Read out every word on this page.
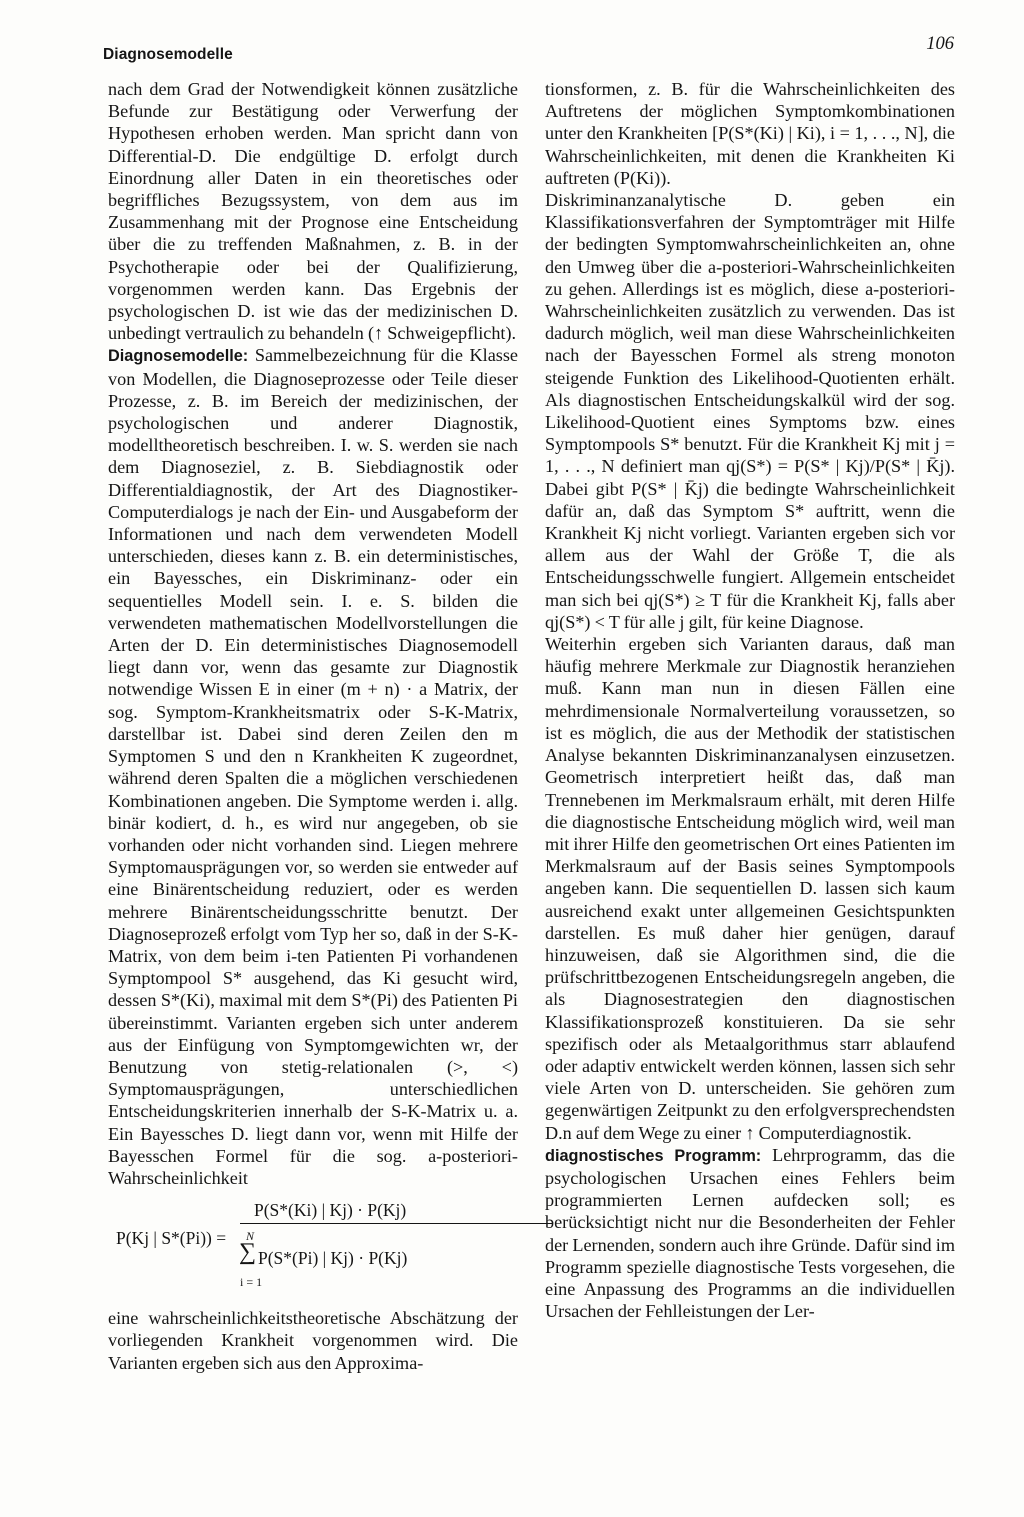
Diagnosemodelle
106

nach dem Grad der Notwendigkeit können zusätzliche Befunde zur Bestätigung oder Verwerfung der Hypothesen erhoben werden. Man spricht dann von Differential-D. Die endgültige D. erfolgt durch Einordnung aller Daten in ein theoretisches oder begriffliches Bezugssystem, von dem aus im Zusammenhang mit der Prognose eine Entscheidung über die zu treffenden Maßnahmen, z. B. in der Psychotherapie oder bei der Qualifizierung, vorgenommen werden kann. Das Ergebnis der psychologischen D. ist wie das der medizinischen D. unbedingt vertraulich zu behandeln (↑ Schweigepflicht).

Diagnosemodelle: Sammelbezeichnung für die Klasse von Modellen, die Diagnoseprozesse oder Teile dieser Prozesse, z. B. im Bereich der medizinischen, der psychologischen und anderer Diagnostik, modelltheoretisch beschreiben. I. w. S. werden sie nach dem Diagnoseziel, z. B. Siebdiagnostik oder Differentialdiagnostik, der Art des Diagnostiker-Computerdialogs je nach der Ein- und Ausgabeform der Informationen und nach dem verwendeten Modell unterschieden, dieses kann z. B. ein deterministisches, ein Bayessches, ein Diskriminanz- oder ein sequentielles Modell sein. I. e. S. bilden die verwendeten mathematischen Modellvorstellungen die Arten der D. Ein deterministisches Diagnosemodell liegt dann vor, wenn das gesamte zur Diagnostik notwendige Wissen E in einer (m + n) · a Matrix, der sog. Symptom-Krankheitsmatrix oder S-K-Matrix, darstellbar ist. Dabei sind deren Zeilen den m Symptomen S und den n Krankheiten K zugeordnet, während deren Spalten die a möglichen verschiedenen Kombinationen angeben. Die Symptome werden i. allg. binär kodiert, d. h., es wird nur angegeben, ob sie vorhanden oder nicht vorhanden sind. Liegen mehrere Symptomausprägungen vor, so werden sie entweder auf eine Binärentscheidung reduziert, oder es werden mehrere Binärentscheidungsschritte benutzt. Der Diagnoseprozeß erfolgt vom Typ her so, daß in der S-K-Matrix, von dem beim i-ten Patienten Pi vorhandenen Symptompool S* ausgehend, das Ki gesucht wird, dessen S*(Ki), maximal mit dem S*(Pi) des Patienten Pi übereinstimmt. Varianten ergeben sich unter anderem aus der Einfügung von Symptomgewichten wr, der Benutzung von stetig-relationalen (>, <) Symptomausprägungen, unterschiedlichen Entscheidungskriterien innerhalb der S-K-Matrix u. a. Ein Bayessches D. liegt dann vor, wenn mit Hilfe der Bayesschen Formel für die sog. a-posteriori-Wahrscheinlichkeit

P(Kj | S*(Pi)) =
P(S*(Ki) | Kj) · P(Kj)
N
∑ P(S*(Pi) | Kj) · P(Kj)
i = 1

eine wahrscheinlichkeitstheoretische Abschätzung der vorliegenden Krankheit vorgenommen wird. Die Varianten ergeben sich aus den Approxima-

tionsformen, z. B. für die Wahrscheinlichkeiten des Auftretens der möglichen Symptomkombinationen unter den Krankheiten [P(S*(Ki) | Ki), i = 1, . . ., N], die Wahrscheinlichkeiten, mit denen die Krankheiten Ki auftreten (P(Ki)).

Diskriminanzanalytische D. geben ein Klassifikationsverfahren der Symptomträger mit Hilfe der bedingten Symptomwahrscheinlichkeiten an, ohne den Umweg über die a-posteriori-Wahrscheinlichkeiten zu gehen. Allerdings ist es möglich, diese a-posteriori-Wahrscheinlichkeiten zusätzlich zu verwenden. Das ist dadurch möglich, weil man diese Wahrscheinlichkeiten nach der Bayesschen Formel als streng monoton steigende Funktion des Likelihood-Quotienten erhält. Als diagnostischen Entscheidungskalkül wird der sog. Likelihood-Quotient eines Symptoms bzw. eines Symptompools S* benutzt. Für die Krankheit Kj mit j = 1, . . ., N definiert man qj(S*) = P(S* | Kj)/P(S* | K̄j). Dabei gibt P(S* | K̄j) die bedingte Wahrscheinlichkeit dafür an, daß das Symptom S* auftritt, wenn die Krankheit Kj nicht vorliegt. Varianten ergeben sich vor allem aus der Wahl der Größe T, die als Entscheidungsschwelle fungiert. Allgemein entscheidet man sich bei qj(S*) ≥ T für die Krankheit Kj, falls aber qj(S*) < T für alle j gilt, für keine Diagnose.

Weiterhin ergeben sich Varianten daraus, daß man häufig mehrere Merkmale zur Diagnostik heranziehen muß. Kann man nun in diesen Fällen eine mehrdimensionale Normalverteilung voraussetzen, so ist es möglich, die aus der Methodik der statistischen Analyse bekannten Diskriminanzanalysen einzusetzen. Geometrisch interpretiert heißt das, daß man Trennebenen im Merkmalsraum erhält, mit deren Hilfe die diagnostische Entscheidung möglich wird, weil man mit ihrer Hilfe den geometrischen Ort eines Patienten im Merkmalsraum auf der Basis seines Symptompools angeben kann. Die sequentiellen D. lassen sich kaum ausreichend exakt unter allgemeinen Gesichtspunkten darstellen. Es muß daher hier genügen, darauf hinzuweisen, daß sie Algorithmen sind, die die prüfschrittbezogenen Entscheidungsregeln angeben, die als Diagnosestrategien den diagnostischen Klassifikationsprozeß konstituieren. Da sie sehr spezifisch oder als Metaalgorithmus starr ablaufend oder adaptiv entwickelt werden können, lassen sich sehr viele Arten von D. unterscheiden. Sie gehören zum gegenwärtigen Zeitpunkt zu den erfolgversprechendsten D.n auf dem Wege zu einer ↑ Computerdiagnostik.

diagnostisches Programm: Lehrprogramm, das die psychologischen Ursachen eines Fehlers beim programmierten Lernen aufdecken soll; es berücksichtigt nicht nur die Besonderheiten der Fehler der Lernenden, sondern auch ihre Gründe. Dafür sind im Programm spezielle diagnostische Tests vorgesehen, die eine Anpassung des Programms an die individuellen Ursachen der Fehlleistungen der Ler-
